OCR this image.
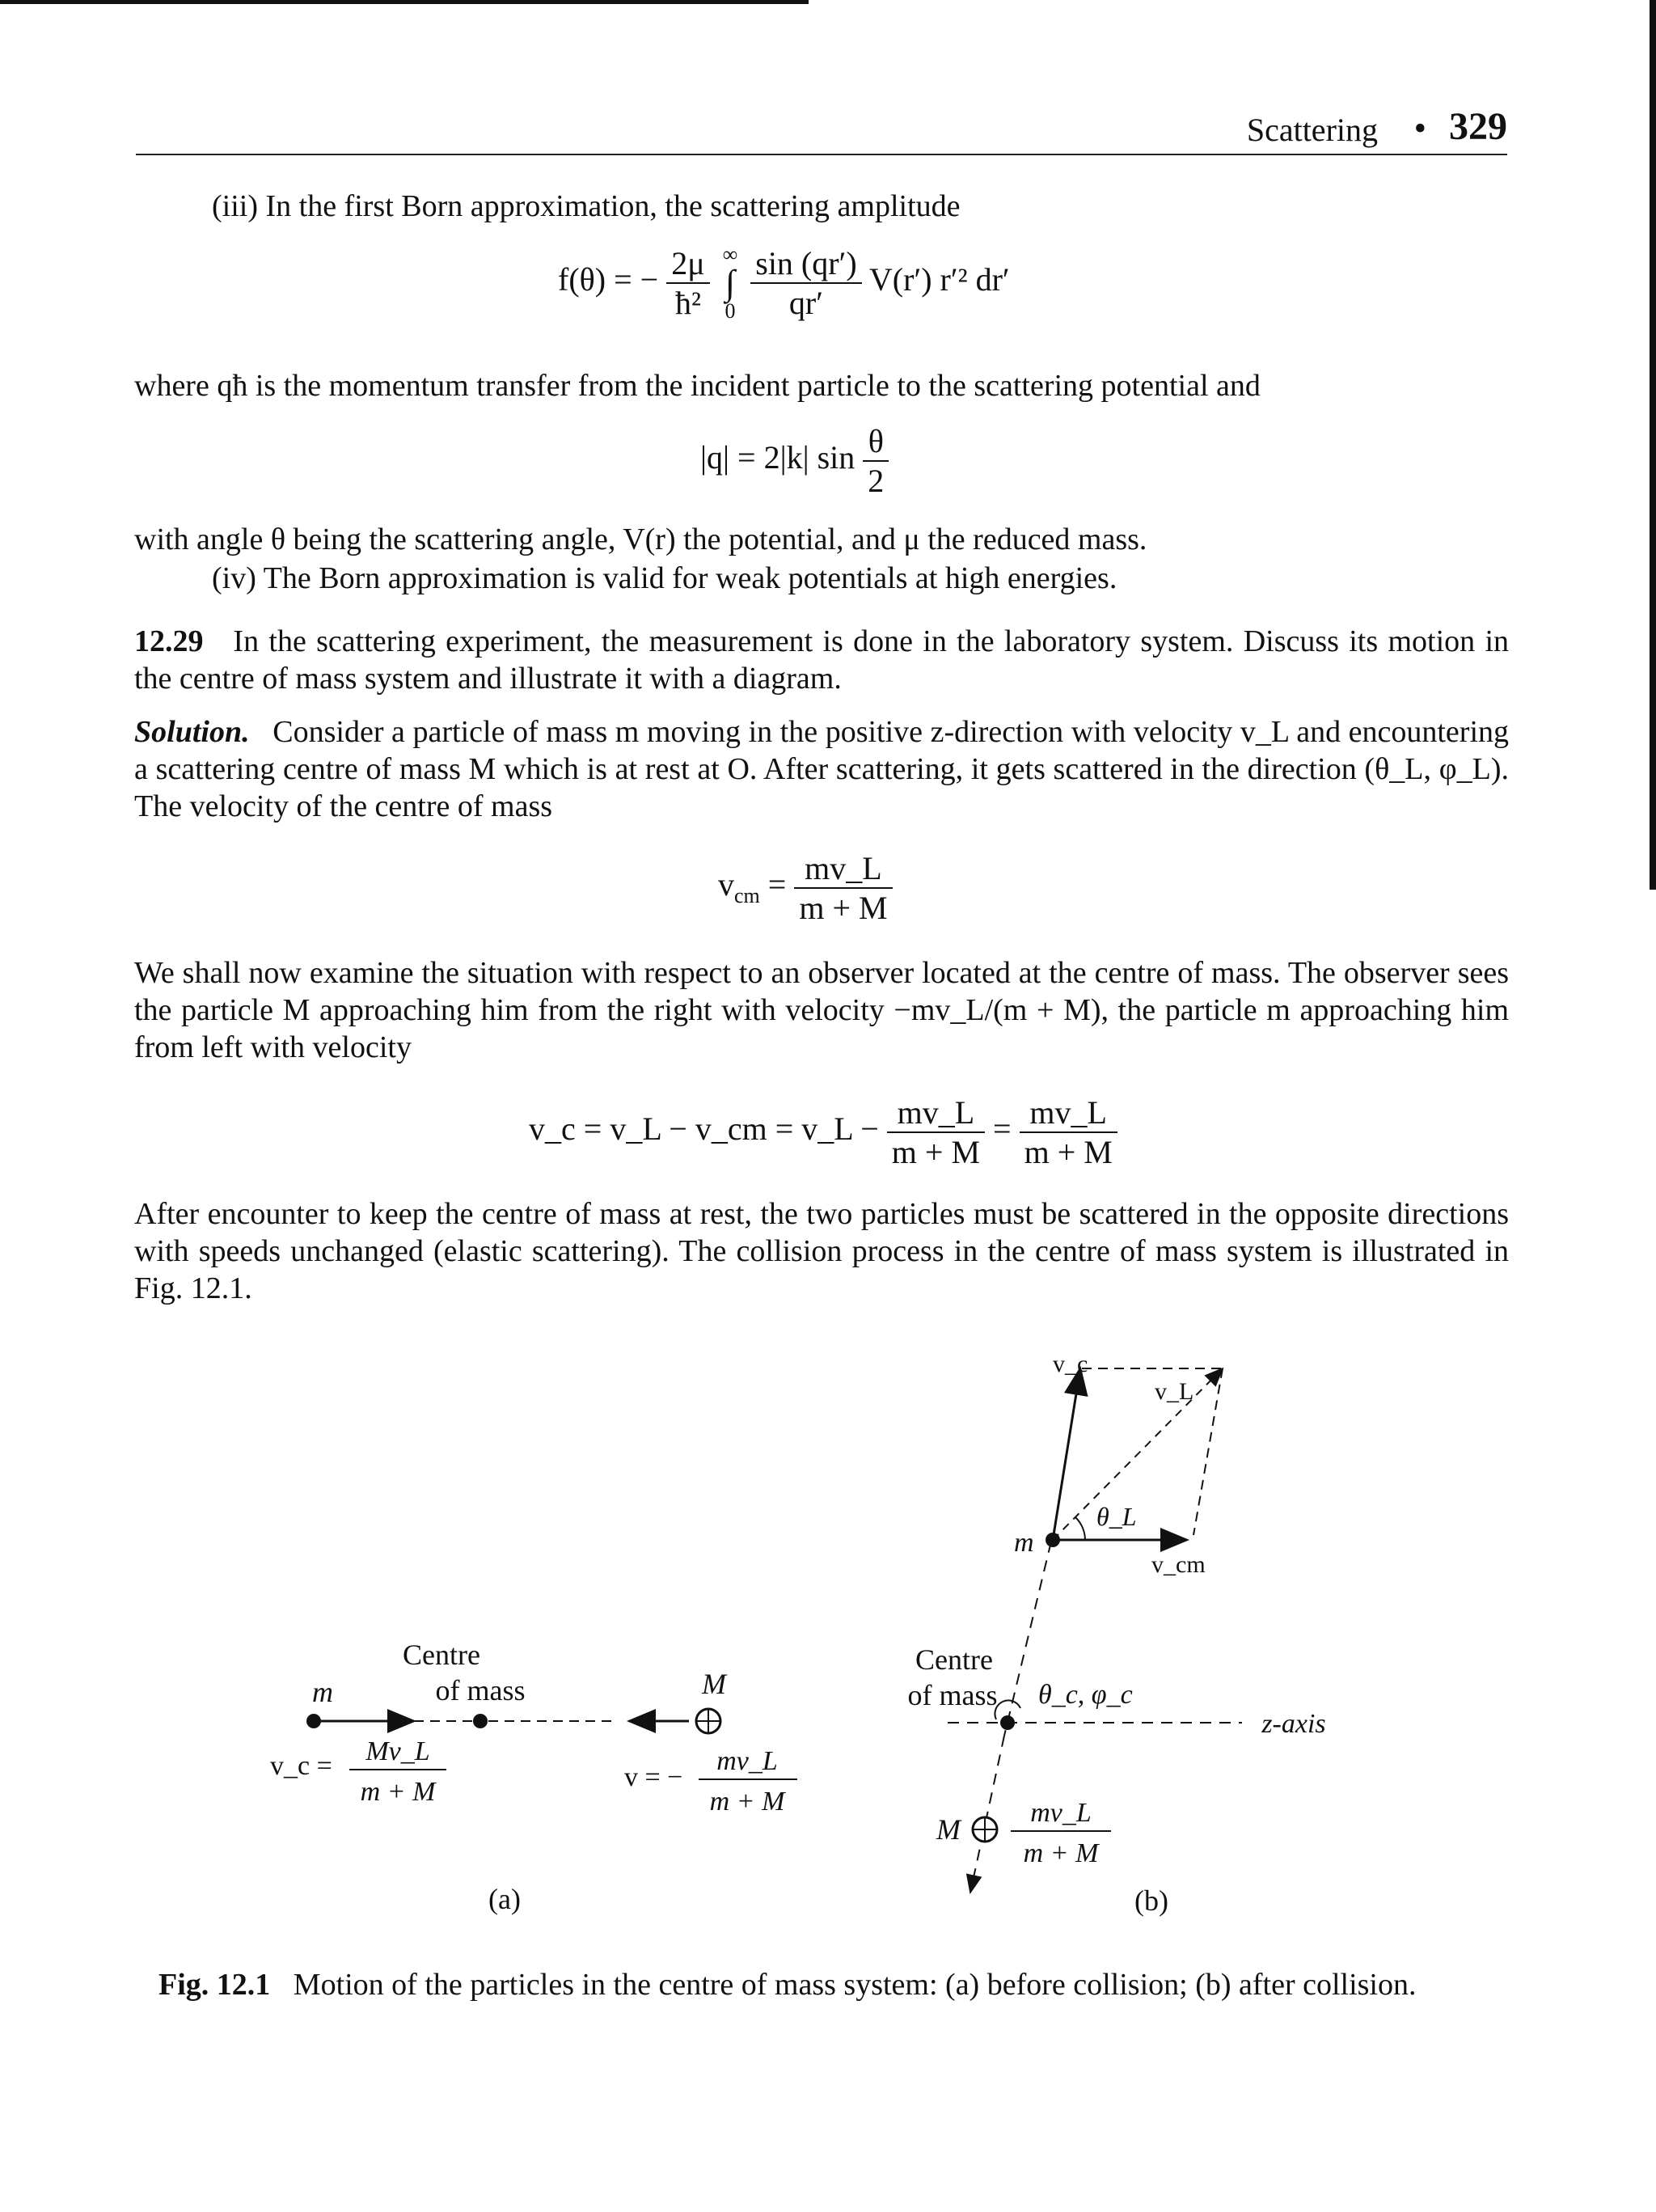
Scattering • 329
(iii) In the first Born approximation, the scattering amplitude
f(θ) = − $\frac{2\mu}{\text{ħ²}}$
∞
∫
0
$\frac{\sin (qr')}{qr'} V(r')$ r′² dr′
where qħ is the momentum transfer from the incident particle to the scattering potential and
|q| = 2|k| $\sin \frac{\theta}{2}$
with angle θ being the scattering angle, V(r) the potential, and μ the reduced mass.
(iv) The Born approximation is valid for weak potentials at high energies.
12.29 In the scattering experiment, the measurement is done in the laboratory system. Discuss its motion in the centre of mass system and illustrate it with a diagram.
Solution. Consider a particle of mass m moving in the positive z-direction with velocity v_L and encountering a scattering centre of mass M which is at rest at O. After scattering, it gets scattered in the direction (θ_L, φ_L). The velocity of the centre of mass
$v_{cm} = \frac{mv\_L}{m + M}$
We shall now examine the situation with respect to an observer located at the centre of mass. The observer sees the particle M approaching him from the right with velocity −mv_L/(m + M), the particle m approaching him from left with velocity
v_c = v_L − v_cm = v_L − $\frac{mv\_L}{m + M} = \frac{mv\_L}{m + M}$
After encounter to keep the centre of mass at rest, the two particles must be scattered in the opposite directions with speeds unchanged (elastic scattering). The collision process in the centre of mass system is illustrated in Fig. 12.1.
Centre
of mass
m	M
v_c = Mv_L
m + M	v = −
mv_L
m + M
(a)
z-axis
θ_c, φ_c
Centre
of mass
m
v_c
v_L
θ_L
v_cm
M
mv_L
m + M
(b)
Fig. 12.1 Motion of the particles in the centre of mass system: (a) before collision; (b) after collision.
